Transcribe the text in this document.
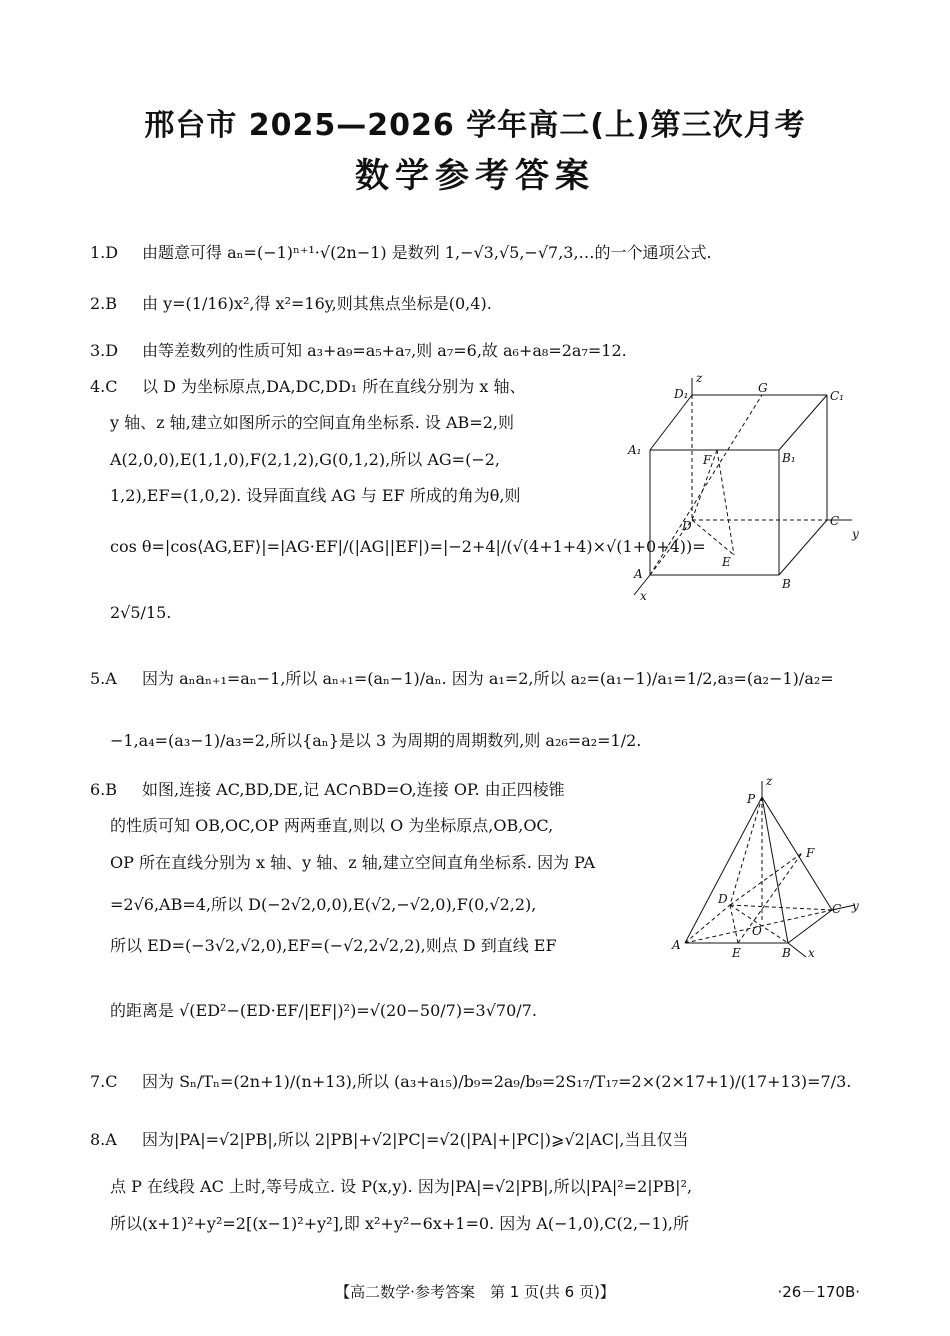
邢台市 2025—2026 学年高二(上)第三次月考
数学参考答案
1.D 由题意可得 aₙ=(−1)ⁿ⁺¹·√(2n−1) 是数列 1,−√3,√5,−√7,3,…的一个通项公式.
2.B 由 y=(1/16)x²,得 x²=16y,则其焦点坐标是(0,4).
3.D 由等差数列的性质可知 a₃+a₉=a₅+a₇,则 a₇=6,故 a₆+a₈=2a₇=12.
4.C 以 D 为坐标原点,DA,DC,DD₁ 所在直线分别为 x 轴、
y 轴、z 轴,建立如图所示的空间直角坐标系. 设 AB=2,则
A(2,0,0),E(1,1,0),F(2,1,2),G(0,1,2),所以 AG=(−2,
1,2),EF=(1,0,2). 设异面直线 AG 与 EF 所成的角为θ,则
cos θ=|cos⟨AG,EF⟩|=|AG·EF|/(|AG||EF|)=|−2+4|/(√(4+1+4)×√(1+0+4))=
2√5/15.
z
D₁	G
C₁
A₁
F	B₁
D	C
y
E
A
B
x
5.A 因为 aₙaₙ₊₁=aₙ−1,所以 aₙ₊₁=(aₙ−1)/aₙ. 因为 a₁=2,所以 a₂=(a₁−1)/a₁=1/2,a₃=(a₂−1)/a₂=
−1,a₄=(a₃−1)/a₃=2,所以{aₙ}是以 3 为周期的周期数列,则 a₂₆=a₂=1/2.
6.B 如图,连接 AC,BD,DE,记 AC∩BD=O,连接 OP. 由正四棱锥
的性质可知 OB,OC,OP 两两垂直,则以 O 为坐标原点,OB,OC,
OP 所在直线分别为 x 轴、y 轴、z 轴,建立空间直角坐标系. 因为 PA
=2√6,AB=4,所以 D(−2√2,0,0),E(√2,−√2,0),F(0,√2,2),
所以 ED=(−3√2,√2,0),EF=(−√2,2√2,2),则点 D 到直线 EF
的距离是 √(ED²−(ED·EF/|EF|)²)=√(20−50/7)=3√70/7.
z
P
F
D
C y
O
A
E	B x
7.C 因为 Sₙ/Tₙ=(2n+1)/(n+13),所以 (a₃+a₁₅)/b₉=2a₉/b₉=2S₁₇/T₁₇=2×(2×17+1)/(17+13)=7/3.
8.A 因为|PA|=√2|PB|,所以 2|PB|+√2|PC|=√2(|PA|+|PC|)⩾√2|AC|,当且仅当
点 P 在线段 AC 上时,等号成立. 设 P(x,y). 因为|PA|=√2|PB|,所以|PA|²=2|PB|²,
所以(x+1)²+y²=2[(x−1)²+y²],即 x²+y²−6x+1=0. 因为 A(−1,0),C(2,−1),所
【高二数学·参考答案　第 1 页(共 6 页)】	·26－170B·
